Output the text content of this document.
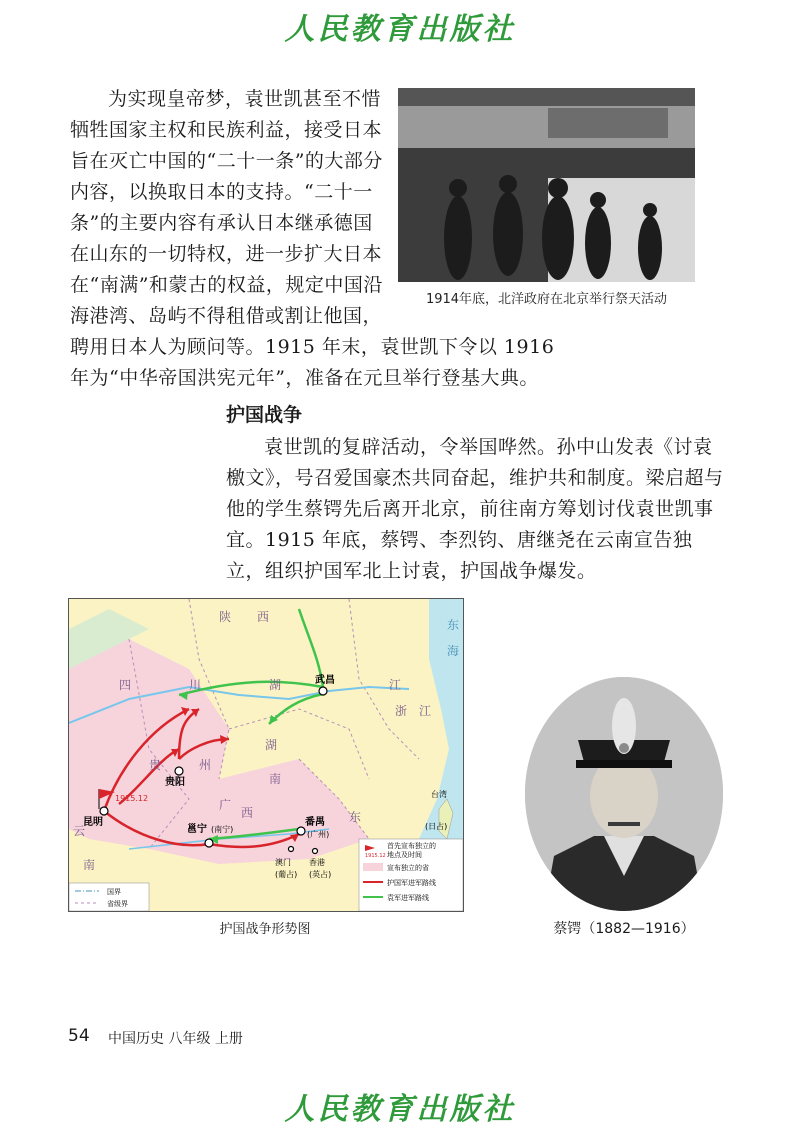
人民教育出版社

为实现皇帝梦，袁世凯甚至不惜牺牲国家主权和民族利益，接受日本旨在灭亡中国的“二十一条”的大部分内容，以换取日本的支持。“二十一条”的主要内容有承认日本继承德国在山东的一切特权，进一步扩大日本在“南满”和蒙古的权益，规定中国沿海港湾、岛屿不得租借或割让他国，聘用日本人为顾问等。1915 年末，袁世凯下令以 1916 年为“中华帝国洪宪元年”，准备在元旦举行登基大典。

1914年底，北洋政府在北京举行祭天活动
护国战争

袁世凯的复辟活动，令举国哗然。孙中山发表《讨袁檄文》，号召爱国豪杰共同奋起，维护共和制度。梁启超与他的学生蔡锷先后离开北京，前往南方筹划讨伐袁世凯事宜。1915 年底，蔡锷、李烈钧、唐继尧在云南宣告独立，组织护国军北上讨袁，护国战争爆发。

武昌
贵阳
昆明
邕宁
番禺
(南宁)
(广州)
澳门
(葡占)
香港
(英占)
台湾
(日占)
1915.12
陕 西
四	川	湖	江
浙 江
湖
南
贵	州
广
西	东
云
南
东
海
1915.12
首先宣布独立的
地点及时间
宣布独立的省
护国军进军路线
袁军进军路线
国界
省级界
护国战争形势图	蔡锷（1882—1916）
54 中国历史 八年级 上册
人民教育出版社
